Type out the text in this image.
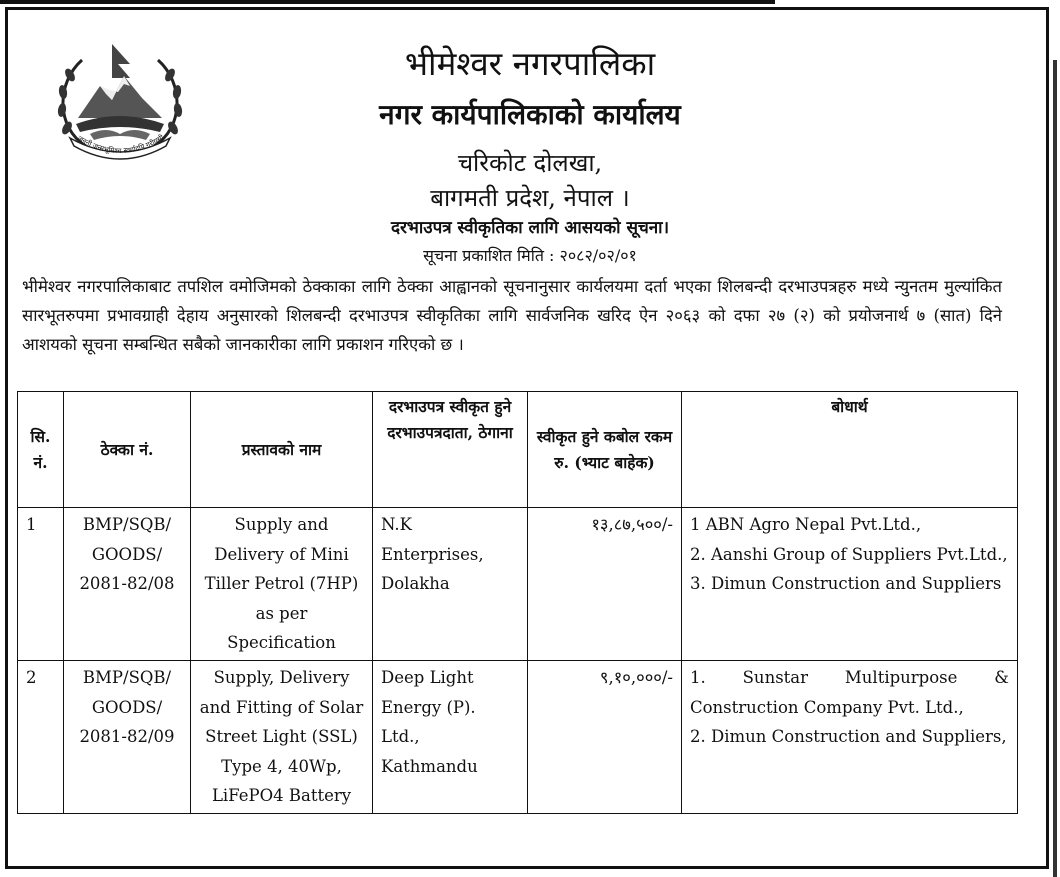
जननी जन्मभूमिश्च स्वर्गादपि गरीयसी
भीमेश्वर नगरपालिका
नगर कार्यपालिकाको कार्यालय
चरिकोट दोलखा,
बागमती प्रदेश, नेपाल ।
दरभाउपत्र स्वीकृतिका लागि आसयको सूचना।
सूचना प्रकाशित मिति : २०८२/०२/०१
भीमेश्वर नगरपालिकाबाट तपशिल वमोजिमको ठेक्काका लागि ठेक्का आह्वानको सूचनानुसार कार्यलयमा दर्ता भएका शिलबन्दी दरभाउपत्रहरु मध्ये न्युनतम मुल्यांकित सारभूतरुपमा प्रभावग्राही देहाय अनुसारको शिलबन्दी दरभाउपत्र स्वीकृतिका लागि सार्वजनिक खरिद ऐन २०६३ को दफा २७ (२) को प्रयोजनार्थ ७ (सात) दिने आशयको सूचना सम्बन्धित सबैको जानकारीका लागि प्रकाशन गरिएको छ ।
सि. नं.	ठेक्का नं.	प्रस्तावको नाम	दरभाउपत्र स्वीकृत हुने दरभाउपत्रदाता, ठेगाना	स्वीकृत हुने कबोल रकम रु. (भ्याट बाहेक)	बोधार्थ
1	BMP/SQB/
GOODS/
2081-82/08	Supply and Delivery of Mini Tiller Petrol (7HP) as per Specification	N.K
Enterprises,
Dolakha	१३,८७,५००/-	1 ABN Agro Nepal Pvt.Ltd.,
2. Aanshi Group of Suppliers Pvt.Ltd.,
3. Dimun Construction and Suppliers

2	BMP/SQB/
GOODS/
2081-82/09	Supply, Delivery and Fitting of Solar Street Light (SSL) Type 4, 40Wp, LiFePO4 Battery	Deep Light
Energy (P).
Ltd.,
Kathmandu	९,१०,०००/-	1. Sunstar Multipurpose & Construction Company Pvt. Ltd.,
2. Dimun Construction and Suppliers,
